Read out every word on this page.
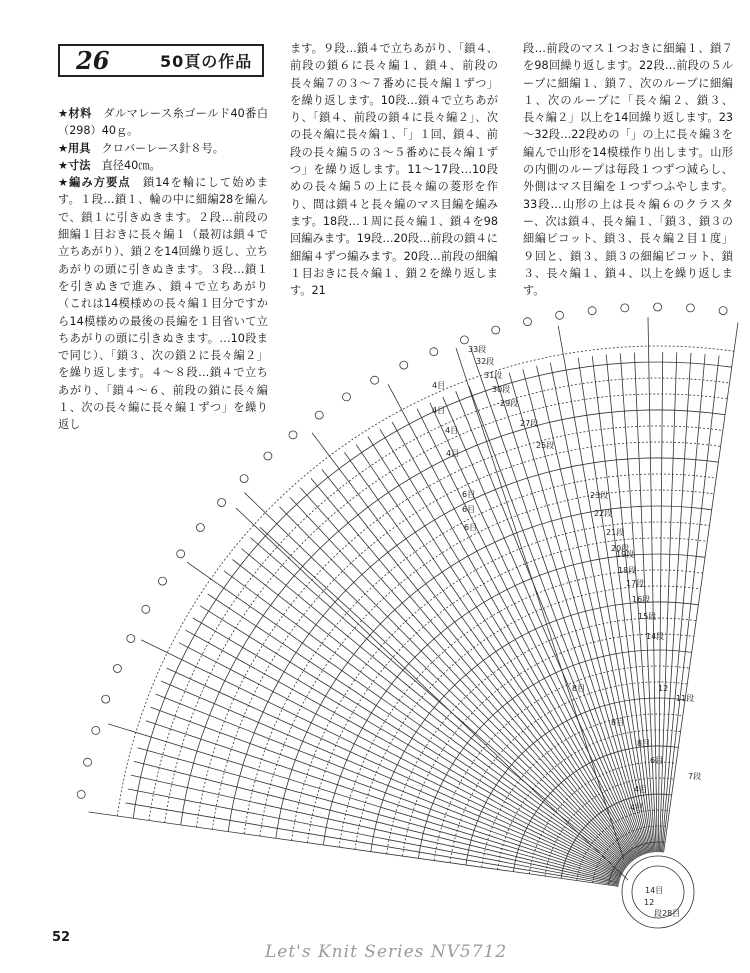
26	50頁の作品
★材料　 ダルマレース糸ゴールド40番白（298）40ｇ。
★用具　 クロバーレース針８号。
★寸法　 直径40㎝。
★編み方要点　 鎖14を輪にして始めます。１段…鎖１、輪の中に細編28を編んで、鎖１に引きぬきます。２段…前段の細編１目おきに長々編１（最初は鎖４で立ちあがり）、鎖２を14回繰り返し、立ちあがりの頭に引きぬきます。３段…鎖１を引きぬきで進み、鎖４で立ちあがり（これは14模様めの長々編１目分ですから14模様めの最後の長編を１目省いて立ちあがりの頭に引きぬきます。…10段まで同じ）、「鎖３、次の鎖２に長々編２」を繰り返します。４～８段…鎖４で立ちあがり、「鎖４～６、前段の鎖に長々編１、次の長々編に長々編１ずつ」を繰り返し
ます。９段…鎖４で立ちあがり、「鎖４、前段の鎖６に長々編１、鎖４、前段の長々編７の３～７番めに長々編１ずつ」を繰り返します。10段…鎖４で立ちあがり、「鎖４、前段の鎖４に長々編２」、次の長々編に長々編１、「」１回、鎖４、前段の長々編５の３～５番めに長々編１ずつ」を繰り返します。11～17段…10段めの長々編５の上に長々編の菱形を作り、間は鎖４と長々編のマス目編を編みます。18段…１周に長々編１、鎖４を98回編みます。19段…20段…前段の鎖４に細編４ずつ編みます。20段…前段の細編１目おきに長々編１、鎖２を繰り返します。21
段…前段のマス１つおきに細編１、鎖７を98回繰り返します。22段…前段の５ループに細編１、鎖７、次のループに細編１、次のループに「長々編２、鎖３、長々編２」以上を14回繰り返します。23～32段…22段めの「」の上に長々編３を編んで山形を14模様作り出します。山形の内側のループは毎段１つずつ減らし、外側はマス目編を１つずつふやします。33段…山形の上は長々編６のクラスター、次は鎖４、長々編１、「鎖３、鎖３の細編ピコット、鎖３、長々編２目１度」９回と、鎖３、鎖３の細編ピコット、鎖３、長々編１、鎖４、以上を繰り返します。
4目
4目
4目
4目
6目
6目
6目
6目
8目
8目
8目
4目
4目
33段
32段
31段
30段
29段
27段
25段
23段
22段
21段
20段
19段
18段
17段
16段
15段
14段
12
11段
7段
14目
12
段28目
52
Let's Knit Series NV5712
